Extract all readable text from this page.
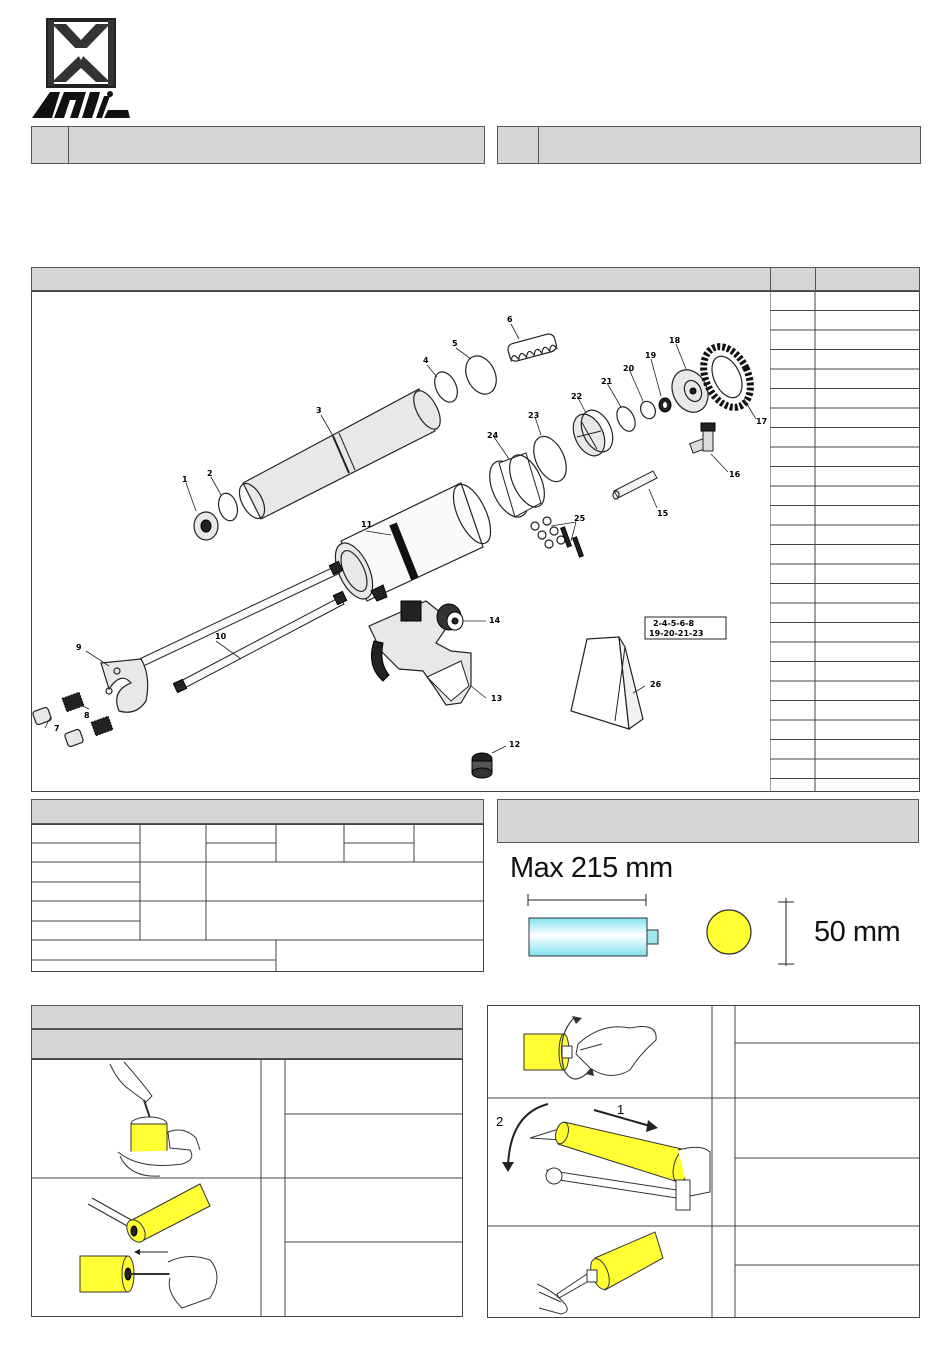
1
2
3
4
5
6
7
8
9
10
11
12
13
14
15
16
17
18
19
20
21
22
23
24
25
26
2-4-5-6-8
19-20-21-23
Max 215 mm
50 mm
1
2
